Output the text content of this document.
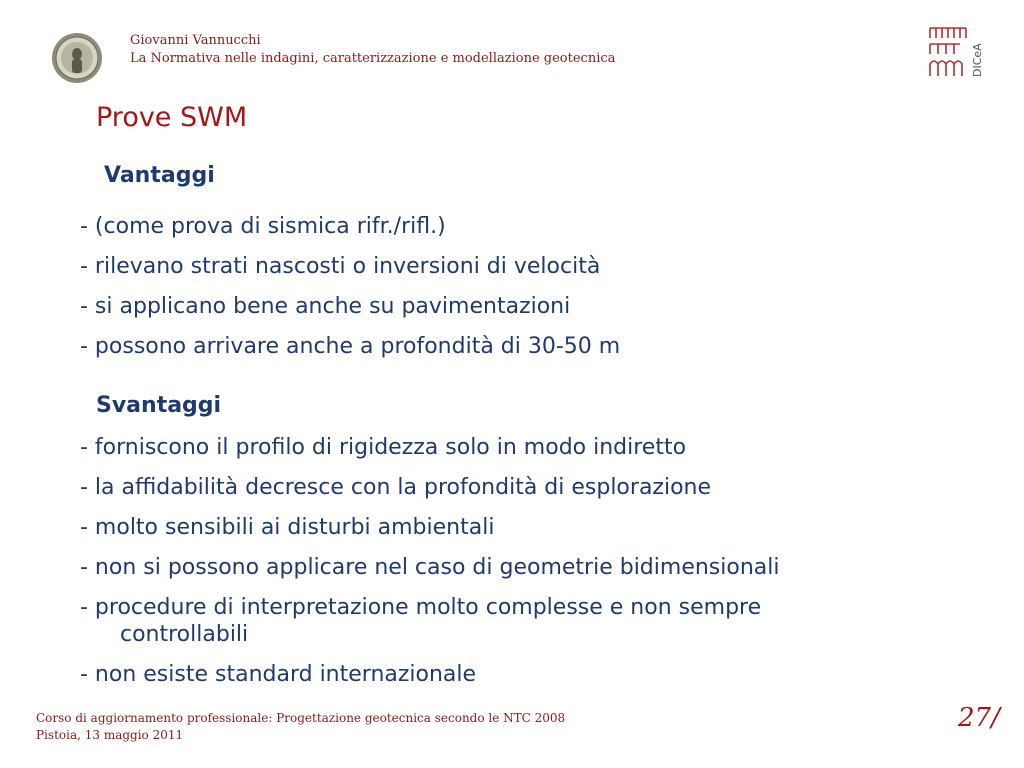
Giovanni Vannucchi
La Normativa nelle indagini, caratterizzazione e modellazione geotecnica	DICeA
Prove SWM
Vantaggi
- (come prova di sismica rifr./rifl.)
- rilevano strati nascosti o inversioni di velocità
- si applicano bene anche su pavimentazioni
- possono arrivare anche a profondità di 30-50 m
Svantaggi
- forniscono il profilo di rigidezza solo in modo indiretto
- la affidabilità decresce con la profondità di esplorazione
- molto sensibili ai disturbi ambientali
- non si possono applicare nel caso di geometrie bidimensionali
- procedure di interpretazione molto complesse e non sempre
controllabili
- non esiste standard internazionale
Corso di aggiornamento professionale: Progettazione geotecnica secondo le NTC 2008
Pistoia, 13 maggio 2011
27/
